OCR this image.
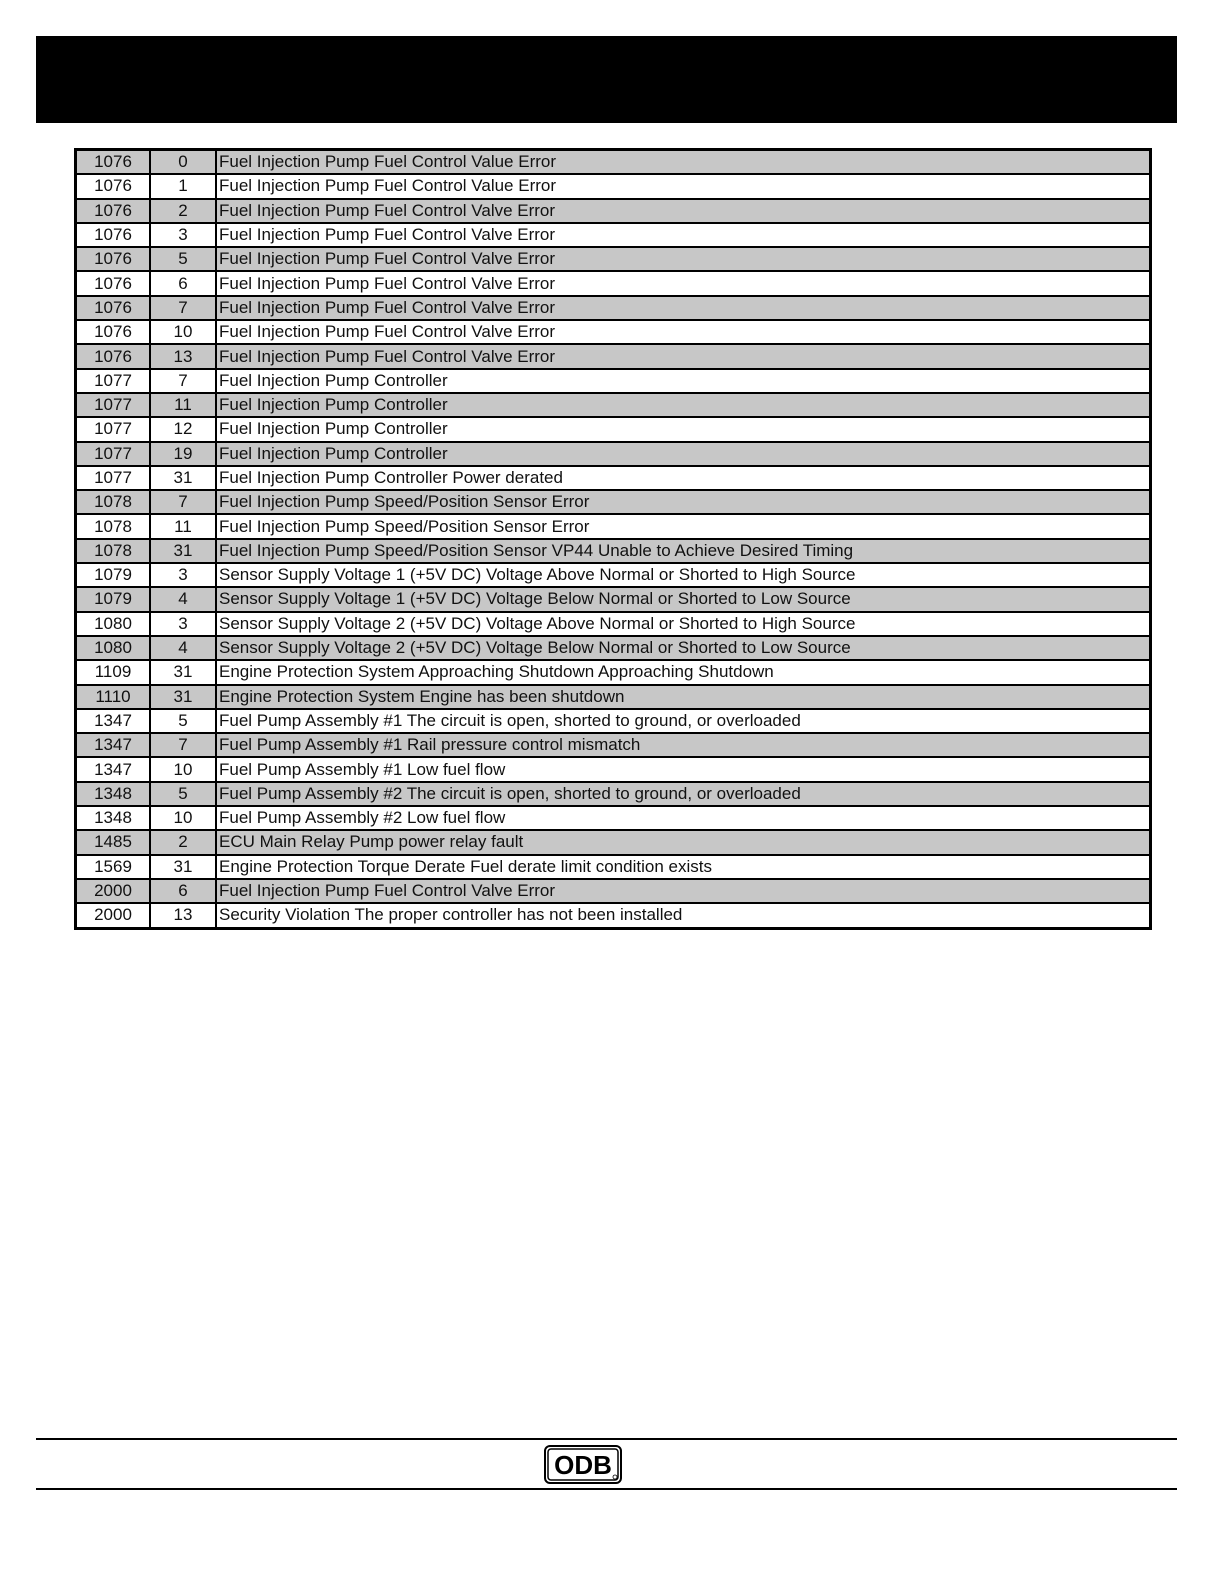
1076	0	Fuel Injection Pump Fuel Control Value Error
1076	1	Fuel Injection Pump Fuel Control Value Error
1076	2	Fuel Injection Pump Fuel Control Valve Error
1076	3	Fuel Injection Pump Fuel Control Valve Error
1076	5	Fuel Injection Pump Fuel Control Valve Error
1076	6	Fuel Injection Pump Fuel Control Valve Error
1076	7	Fuel Injection Pump Fuel Control Valve Error
1076	10	Fuel Injection Pump Fuel Control Valve Error
1076	13	Fuel Injection Pump Fuel Control Valve Error
1077	7	Fuel Injection Pump Controller
1077	11	Fuel Injection Pump Controller
1077	12	Fuel Injection Pump Controller
1077	19	Fuel Injection Pump Controller
1077	31	Fuel Injection Pump Controller Power derated
1078	7	Fuel Injection Pump Speed/Position Sensor Error
1078	11	Fuel Injection Pump Speed/Position Sensor Error
1078	31	Fuel Injection Pump Speed/Position Sensor VP44 Unable to Achieve Desired Timing
1079	3	Sensor Supply Voltage 1 (+5V DC) Voltage Above Normal or Shorted to High Source
1079	4	Sensor Supply Voltage 1 (+5V DC) Voltage Below Normal or Shorted to Low Source
1080	3	Sensor Supply Voltage 2 (+5V DC) Voltage Above Normal or Shorted to High Source
1080	4	Sensor Supply Voltage 2 (+5V DC) Voltage Below Normal or Shorted to Low Source
1109	31	Engine Protection System Approaching Shutdown Approaching Shutdown
1110	31	Engine Protection System Engine has been shutdown
1347	5	Fuel Pump Assembly #1 The circuit is open, shorted to ground, or overloaded
1347	7	Fuel Pump Assembly #1 Rail pressure control mismatch
1347	10	Fuel Pump Assembly #1 Low fuel flow
1348	5	Fuel Pump Assembly #2 The circuit is open, shorted to ground, or overloaded
1348	10	Fuel Pump Assembly #2 Low fuel flow
1485	2	ECU Main Relay Pump power relay fault
1569	31	Engine Protection Torque Derate Fuel derate limit condition exists
2000	6	Fuel Injection Pump Fuel Control Valve Error
2000	13	Security Violation The proper controller has not been installed
ODB
